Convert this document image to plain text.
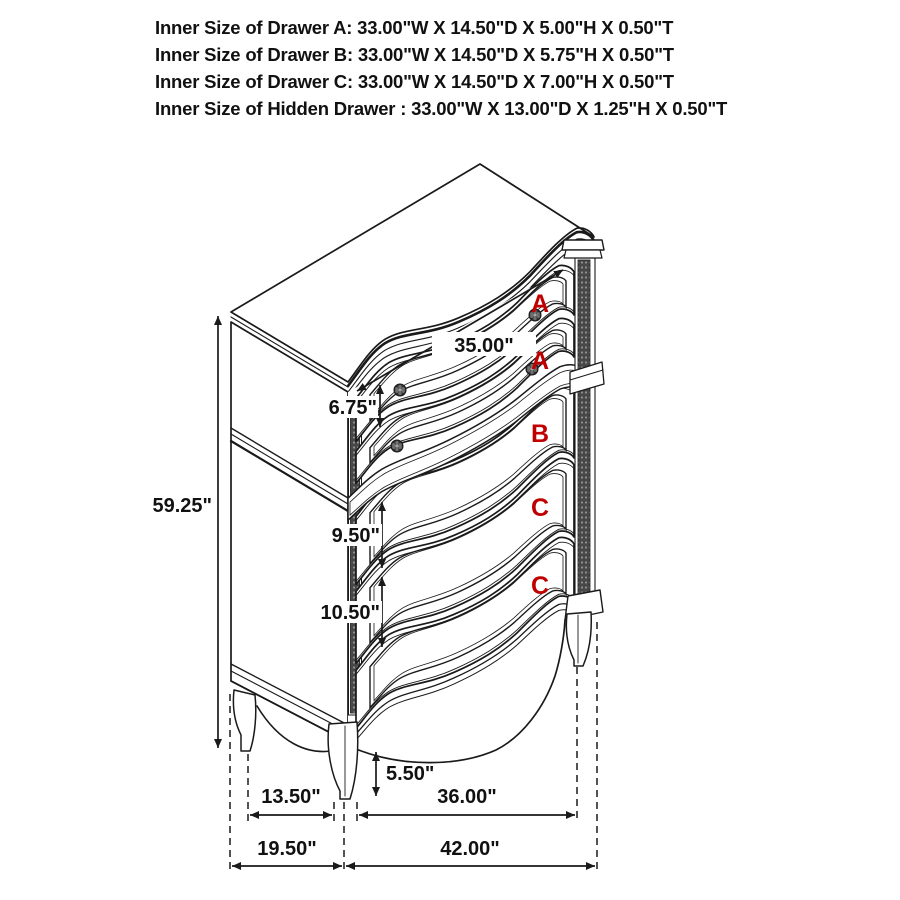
Inner Size of Drawer A: 33.00"W X 14.50"D X 5.00"H X 0.50"T
Inner Size of Drawer B: 33.00"W X 14.50"D X 5.75"H X 0.50"T
Inner Size of Drawer C: 33.00"W X 14.50"D X 7.00"H X 0.50"T
Inner Size of Hidden Drawer : 33.00"W X 13.00"D X 1.25"H X 0.50"T
59.25"
35.00"
6.75"
9.50"
10.50"
5.50"
13.50"	36.00"
19.50"	42.00"
A
A
B
C
C
